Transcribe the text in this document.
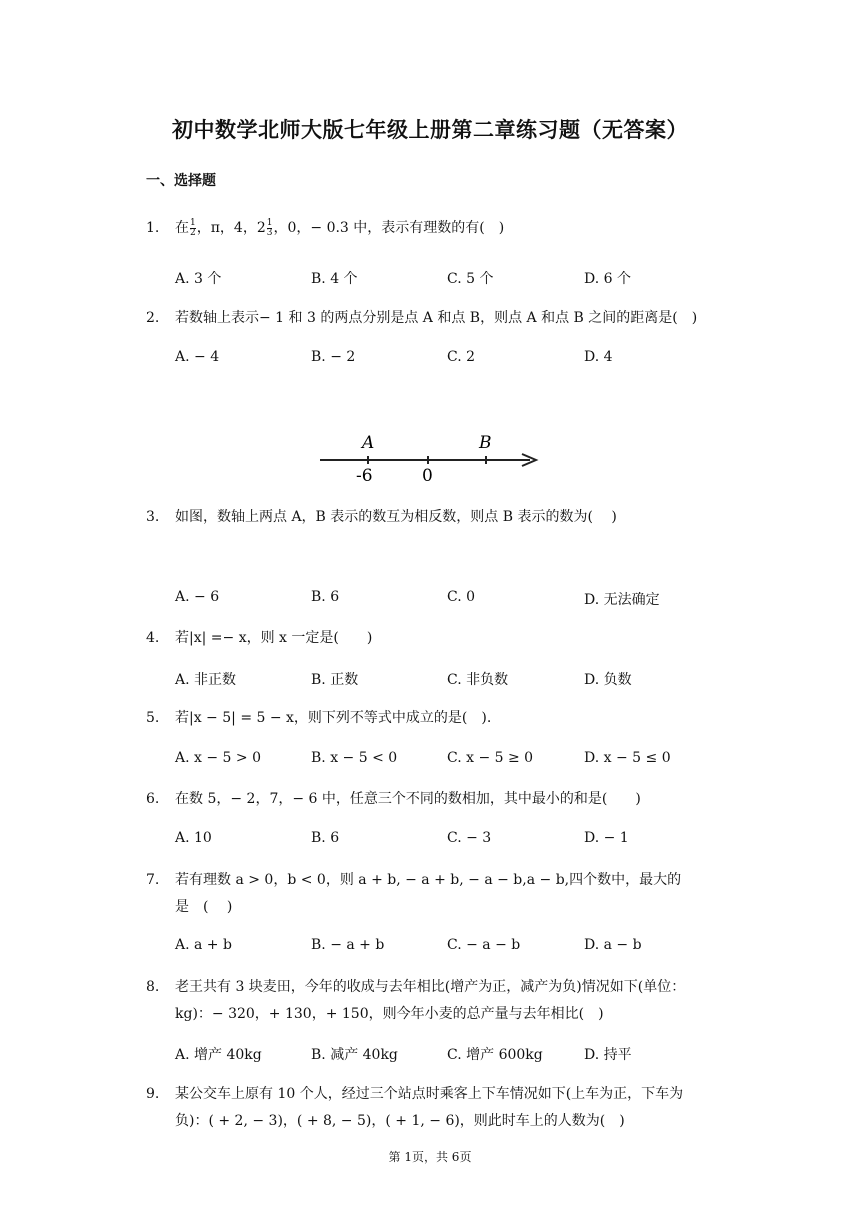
初中数学北师大版七年级上册第二章练习题（无答案）
一、选择题
1.	在 $\frac{1}{2}$ ，π，4，$2 \frac{1}{3}$ ，0，− 0.3 中，表示有理数的有(　)
A. 3 个	B. 4 个	C. 5 个	D. 6 个
2.	若数轴上表示− 1 和 3 的两点分别是点 A 和点 B，则点 A 和点 B 之间的距离是(　)
A. − 4	B. − 2	C. 2	D. 4
A	B
-6	0
3.	如图，数轴上两点 A，B 表示的数互为相反数，则点 B 表示的数为(　 )
A. − 6	B. 6	C. 0	D. 无法确定
4.	若|x| =− x，则 x 一定是(　　)
A. 非正数	B. 正数	C. 非负数	D. 负数
5.	若|x − 5| = 5 − x，则下列不等式中成立的是(　).
A. x − 5 > 0	B. x − 5 < 0	C. x − 5 ≥ 0	D. x − 5 ≤ 0
6.	在数 5，− 2，7，− 6 中，任意三个不同的数相加，其中最小的和是(　　)
A. 10	B. 6	C. − 3	D. − 1
7.	若有理数 a > 0，b < 0，则 a + b, − a + b, − a − b,a − b,四个数中，最大的
是　(　 )
A. a + b	B. − a + b	C. − a − b	D. a − b
8.	老王共有 3 块麦田，今年的收成与去年相比(增产为正，减产为负)情况如下(单位：
kg)：− 320，+ 130，+ 150，则今年小麦的总产量与去年相比(　)
A. 增产 40kg	B. 减产 40kg	C. 增产 600kg	D. 持平
9.	某公交车上原有 10 个人，经过三个站点时乘客上下车情况如下(上车为正，下车为
负)：( + 2, − 3)，( + 8, − 5)，( + 1, − 6)，则此时车上的人数为(　)
第 1页，共 6页
